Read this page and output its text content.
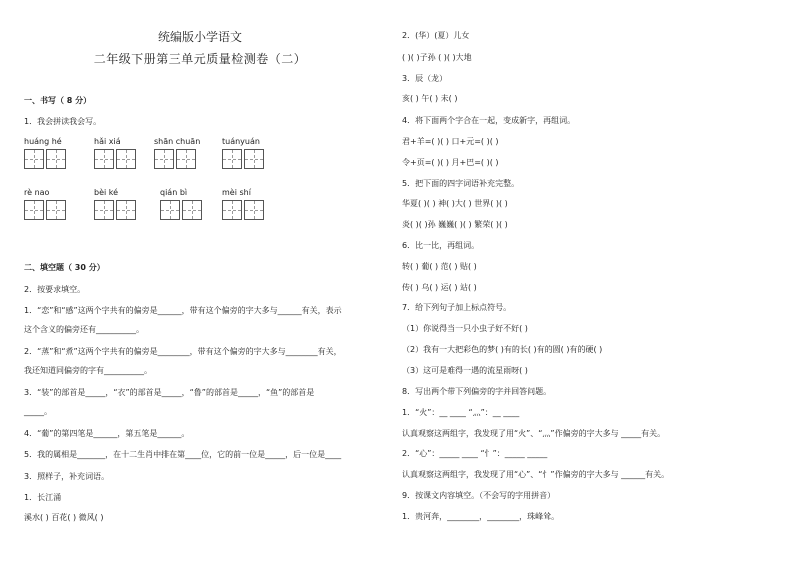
统编版小学语文
二年级下册第三单元质量检测卷（二）
一、书写（ 8 分）
1．我会拼读我会写。
huáng hé	hǎi xiá	shān chuān	tuányuán
rè nao	bèi ké	qián bì	mèi shí
二、填空题（ 30 分）
2．按要求填空。
1．“恋”和“感”这两个字共有的偏旁是______，带有这个偏旁的字大多与______有关，表示
这个含义的偏旁还有__________。
2．“蒸”和“煮”这两个字共有的偏旁是________，带有这个偏旁的字大多与________有关，
我还知道同偏旁的字有__________。
3．“装”的部首是_____，“衣”的部首是_____，“鲁”的部首是_____，“鱼”的部首是
_____。
4．“葡”的第四笔是______，第五笔是______。
5．我的属相是_______，在十二生肖中排在第____位，它的前一位是_____，后一位是____
3．照样子，补充词语。
1．长江涌
溪水( ) 百花( ) 微风( )
2．(华）(夏）儿女
( )( )子孙 ( )( )大地
3．辰（龙）
亥( ) 午( ) 未( )
4．将下面两个字合在一起，变成新字，再组词。
君+羊=( )( ) 口+元=( )( )
令+页=( )( ) 月+巴=( )( )
5．把下面的四字词语补充完整。
华夏( )( ) 神( )大( ) 世界( )( )
炎( )( )孙 巍巍( )( ) 繁荣( )( )
6．比一比，再组词。
转( ) 葡( ) 范( ) 贴( )
传( ) 乌( ) 运( ) 站( )
7．给下列句子加上标点符号。
（1）你说得当一只小虫子好不好( )
（2）我有一大把彩色的梦( )有的长( )有的圆( )有的硬( )
（3）这可是难得一遇的流星雨呀( )
8．写出两个带下列偏旁的字并回答问题。
1．“火”：__ ____ “灬”：__ ____
认真观察这两组字，我发现了用“火”、“灬”作偏旁的字大多与 _____有关。
2．“心”：_____ ____ “忄”：_____ _____
认真观察这两组字，我发现了用“心”、“忄”作偏旁的字大多与 ______有关。
9．按课文内容填空。（不会写的字用拼音）
1．贵河奔，________，________，珠峰耸。
